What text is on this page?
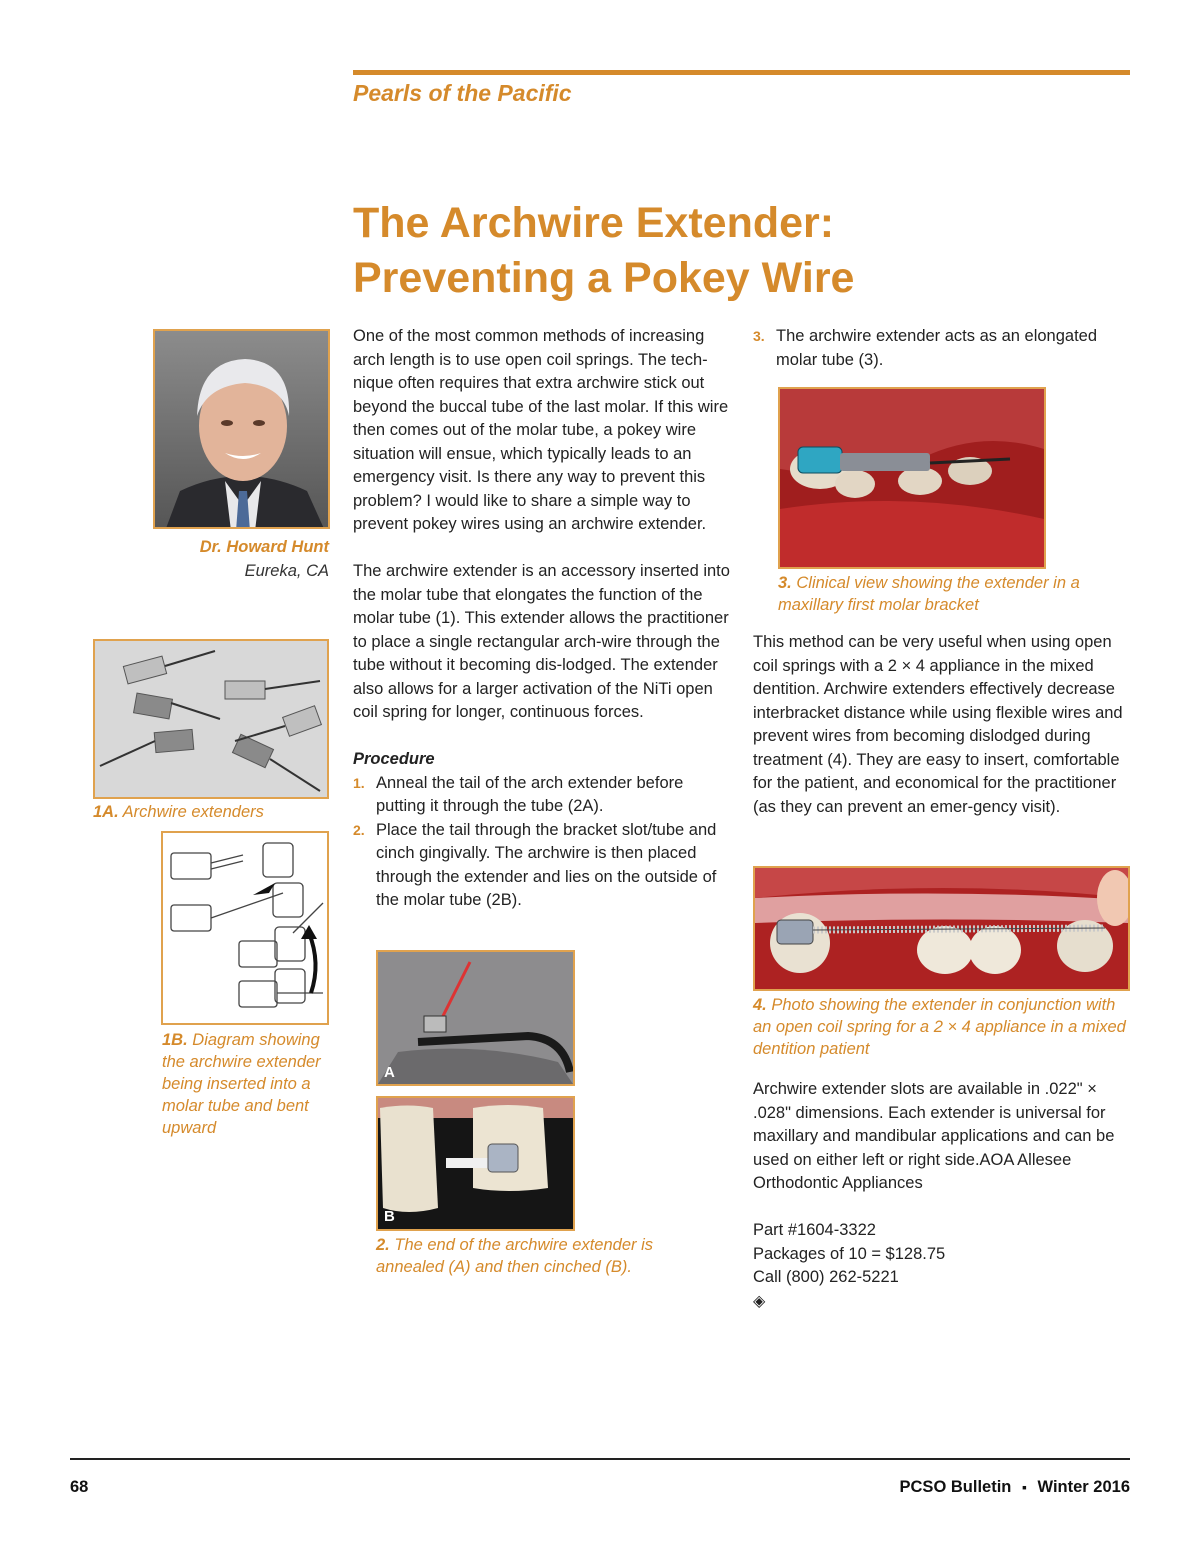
Pearls of the Pacific
The Archwire Extender:
Preventing a Pokey Wire
Dr. Howard Hunt
Eureka, CA
1A. Archwire extenders
1B. Diagram showing the archwire extender being inserted into a molar tube and bent upward

One of the most common methods of increasing arch length is to use open coil springs. The tech-nique often requires that extra archwire stick out beyond the buccal tube of the last molar. If this wire then comes out of the molar tube, a pokey wire situation will ensue, which typically leads to an emergency visit. Is there any way to prevent this problem? I would like to share a simple way to prevent pokey wires using an archwire extender.

The archwire extender is an accessory inserted into the molar tube that elongates the function of the molar tube (1). This extender allows the practitioner to place a single rectangular arch-wire through the tube without it becoming dis-lodged. The extender also allows for a larger activation of the NiTi open coil spring for longer, continuous forces.

Procedure
1. Anneal the tail of the arch extender before putting it through the tube (2A).
2. Place the tail through the bracket slot/tube and cinch gingivally. The archwire is then placed through the extender and lies on the outside of the molar tube (2B).
A
B
2. The end of the archwire extender is annealed (A) and then cinched (B).
3. The archwire extender acts as an elongated molar tube (3).
3. Clinical view showing the extender in a maxillary first molar bracket
This method can be very useful when using open coil springs with a 2 × 4 appliance in the mixed dentition. Archwire extenders effectively decrease interbracket distance while using flexible wires and prevent wires from becoming dislodged during treatment (4). They are easy to insert, comfortable for the patient, and economical for the practitioner (as they can prevent an emer-gency visit).
4. Photo showing the extender in conjunction with an open coil spring for a 2 × 4 appliance in a mixed dentition patient
Archwire extender slots are available in .022" × .028" dimensions. Each extender is universal for maxillary and mandibular applications and can be used on either left or right side.AOA Allesee Orthodontic Appliances
Part #1604-3322
Packages of 10 = $128.75
Call (800) 262-5221
◈
68	PCSO Bulletin ▪ Winter 2016
